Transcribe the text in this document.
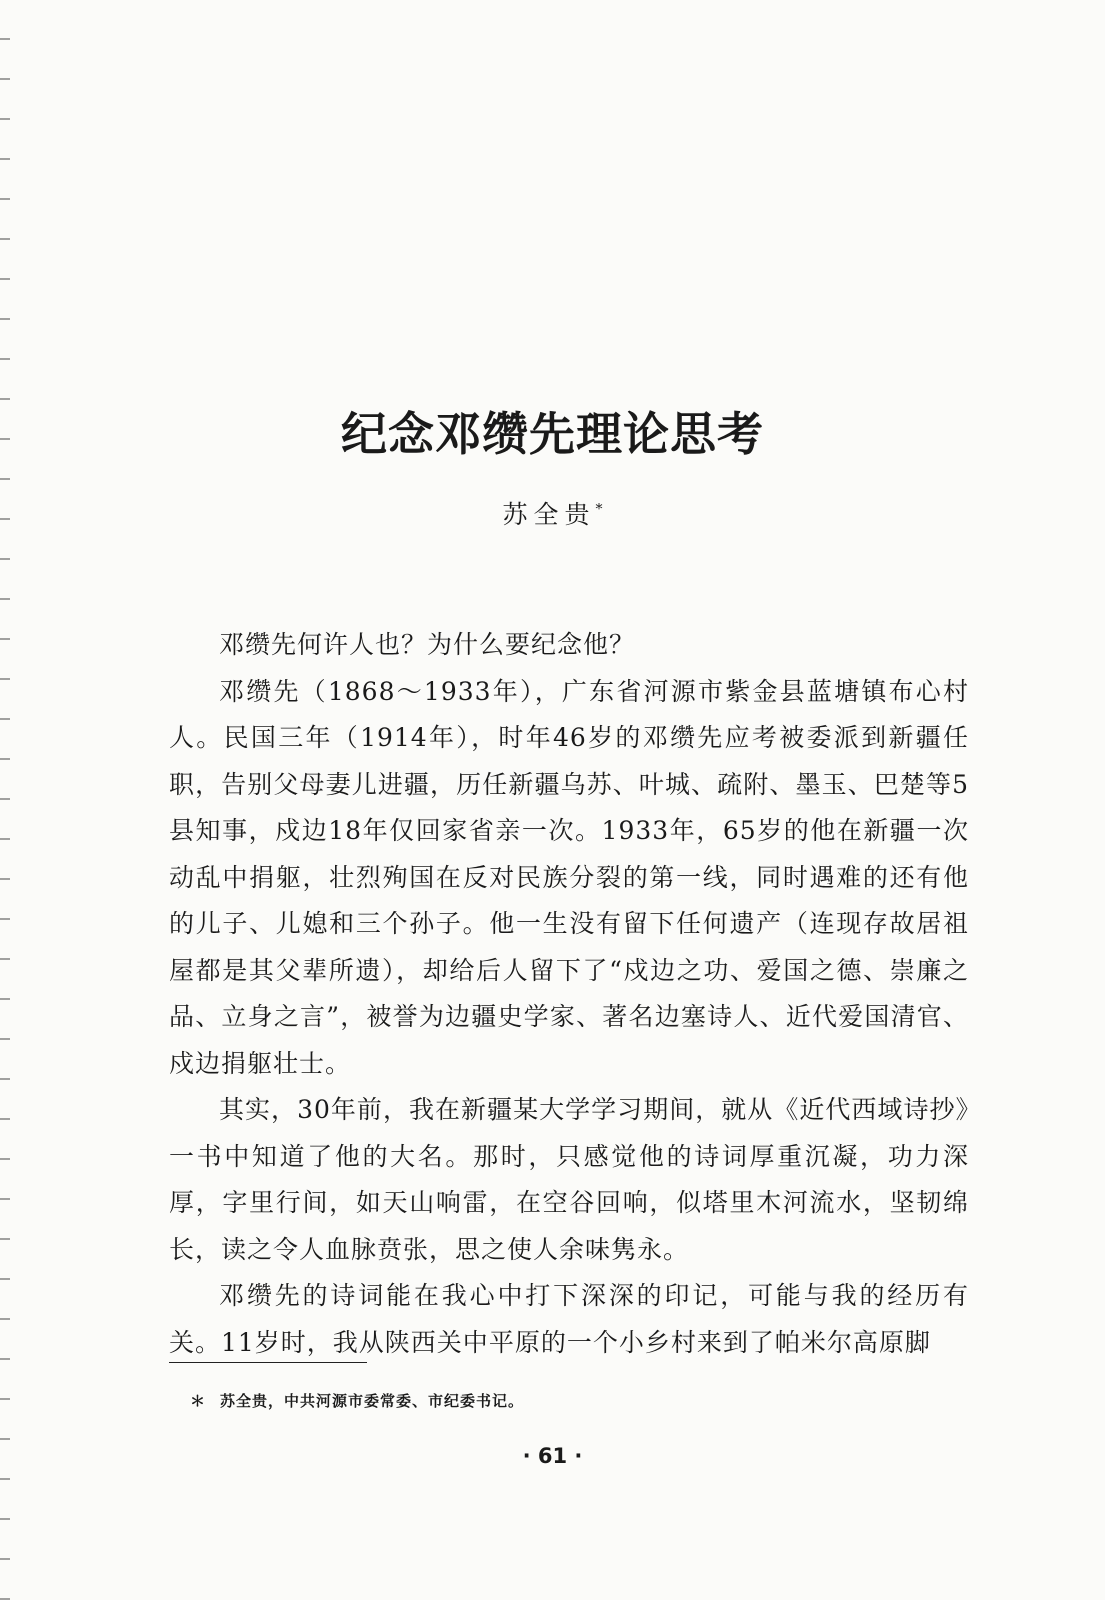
纪念邓缵先理论思考
苏全贵*

邓缵先何许人也？为什么要纪念他？

邓缵先（1868～1933年），广东省河源市紫金县蓝塘镇布心村人。民国三年（1914年），时年46岁的邓缵先应考被委派到新疆任职，告别父母妻儿进疆，历任新疆乌苏、叶城、疏附、墨玉、巴楚等5县知事，戍边18年仅回家省亲一次。1933年，65岁的他在新疆一次动乱中捐躯，壮烈殉国在反对民族分裂的第一线，同时遇难的还有他的儿子、儿媳和三个孙子。他一生没有留下任何遗产（连现存故居祖屋都是其父辈所遗），却给后人留下了“戍边之功、爱国之德、崇廉之品、立身之言”，被誉为边疆史学家、著名边塞诗人、近代爱国清官、戍边捐躯壮士。

其实，30年前，我在新疆某大学学习期间，就从《近代西域诗抄》一书中知道了他的大名。那时，只感觉他的诗词厚重沉凝，功力深厚，字里行间，如天山响雷，在空谷回响，似塔里木河流水，坚韧绵长，读之令人血脉贲张，思之使人余味隽永。

邓缵先的诗词能在我心中打下深深的印记，可能与我的经历有关。11岁时，我从陕西关中平原的一个小乡村来到了帕米尔高原脚

＊ 苏全贵，中共河源市委常委、市纪委书记。
· 61 ·
